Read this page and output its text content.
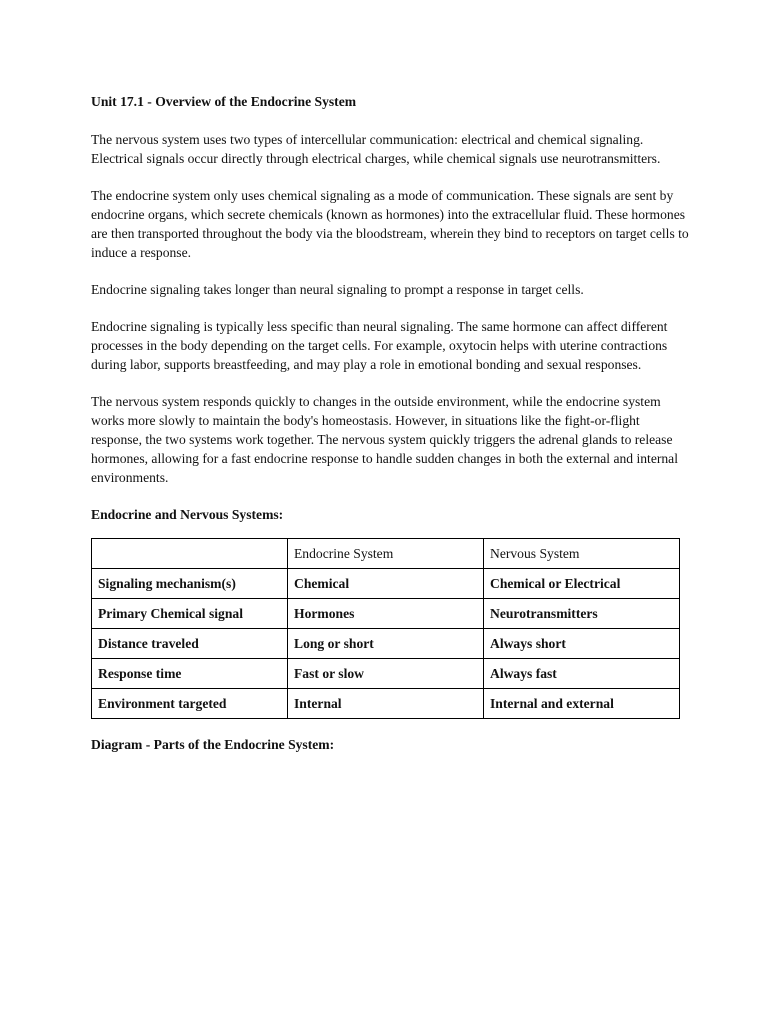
Unit 17.1 - Overview of the Endocrine System

The nervous system uses two types of intercellular communication: electrical and chemical signaling. Electrical signals occur directly through electrical charges, while chemical signals use neurotransmitters.

The endocrine system only uses chemical signaling as a mode of communication. These signals are sent by endocrine organs, which secrete chemicals (known as hormones) into the extracellular fluid. These hormones are then transported throughout the body via the bloodstream, wherein they bind to receptors on target cells to induce a response.

Endocrine signaling takes longer than neural signaling to prompt a response in target cells.

Endocrine signaling is typically less specific than neural signaling. The same hormone can affect different processes in the body depending on the target cells. For example, oxytocin helps with uterine contractions during labor, supports breastfeeding, and may play a role in emotional bonding and sexual responses.

The nervous system responds quickly to changes in the outside environment, while the endocrine system works more slowly to maintain the body's homeostasis. However, in situations like the fight-or-flight response, the two systems work together. The nervous system quickly triggers the adrenal glands to release hormones, allowing for a fast endocrine response to handle sudden changes in both the external and internal environments.

Endocrine and Nervous Systems:
	Endocrine System	Nervous System
Signaling mechanism(s)	Chemical	Chemical or Electrical
Primary Chemical signal	Hormones	Neurotransmitters
Distance traveled	Long or short	Always short
Response time	Fast or slow	Always fast
Environment targeted	Internal	Internal and external
Diagram - Parts of the Endocrine System:
